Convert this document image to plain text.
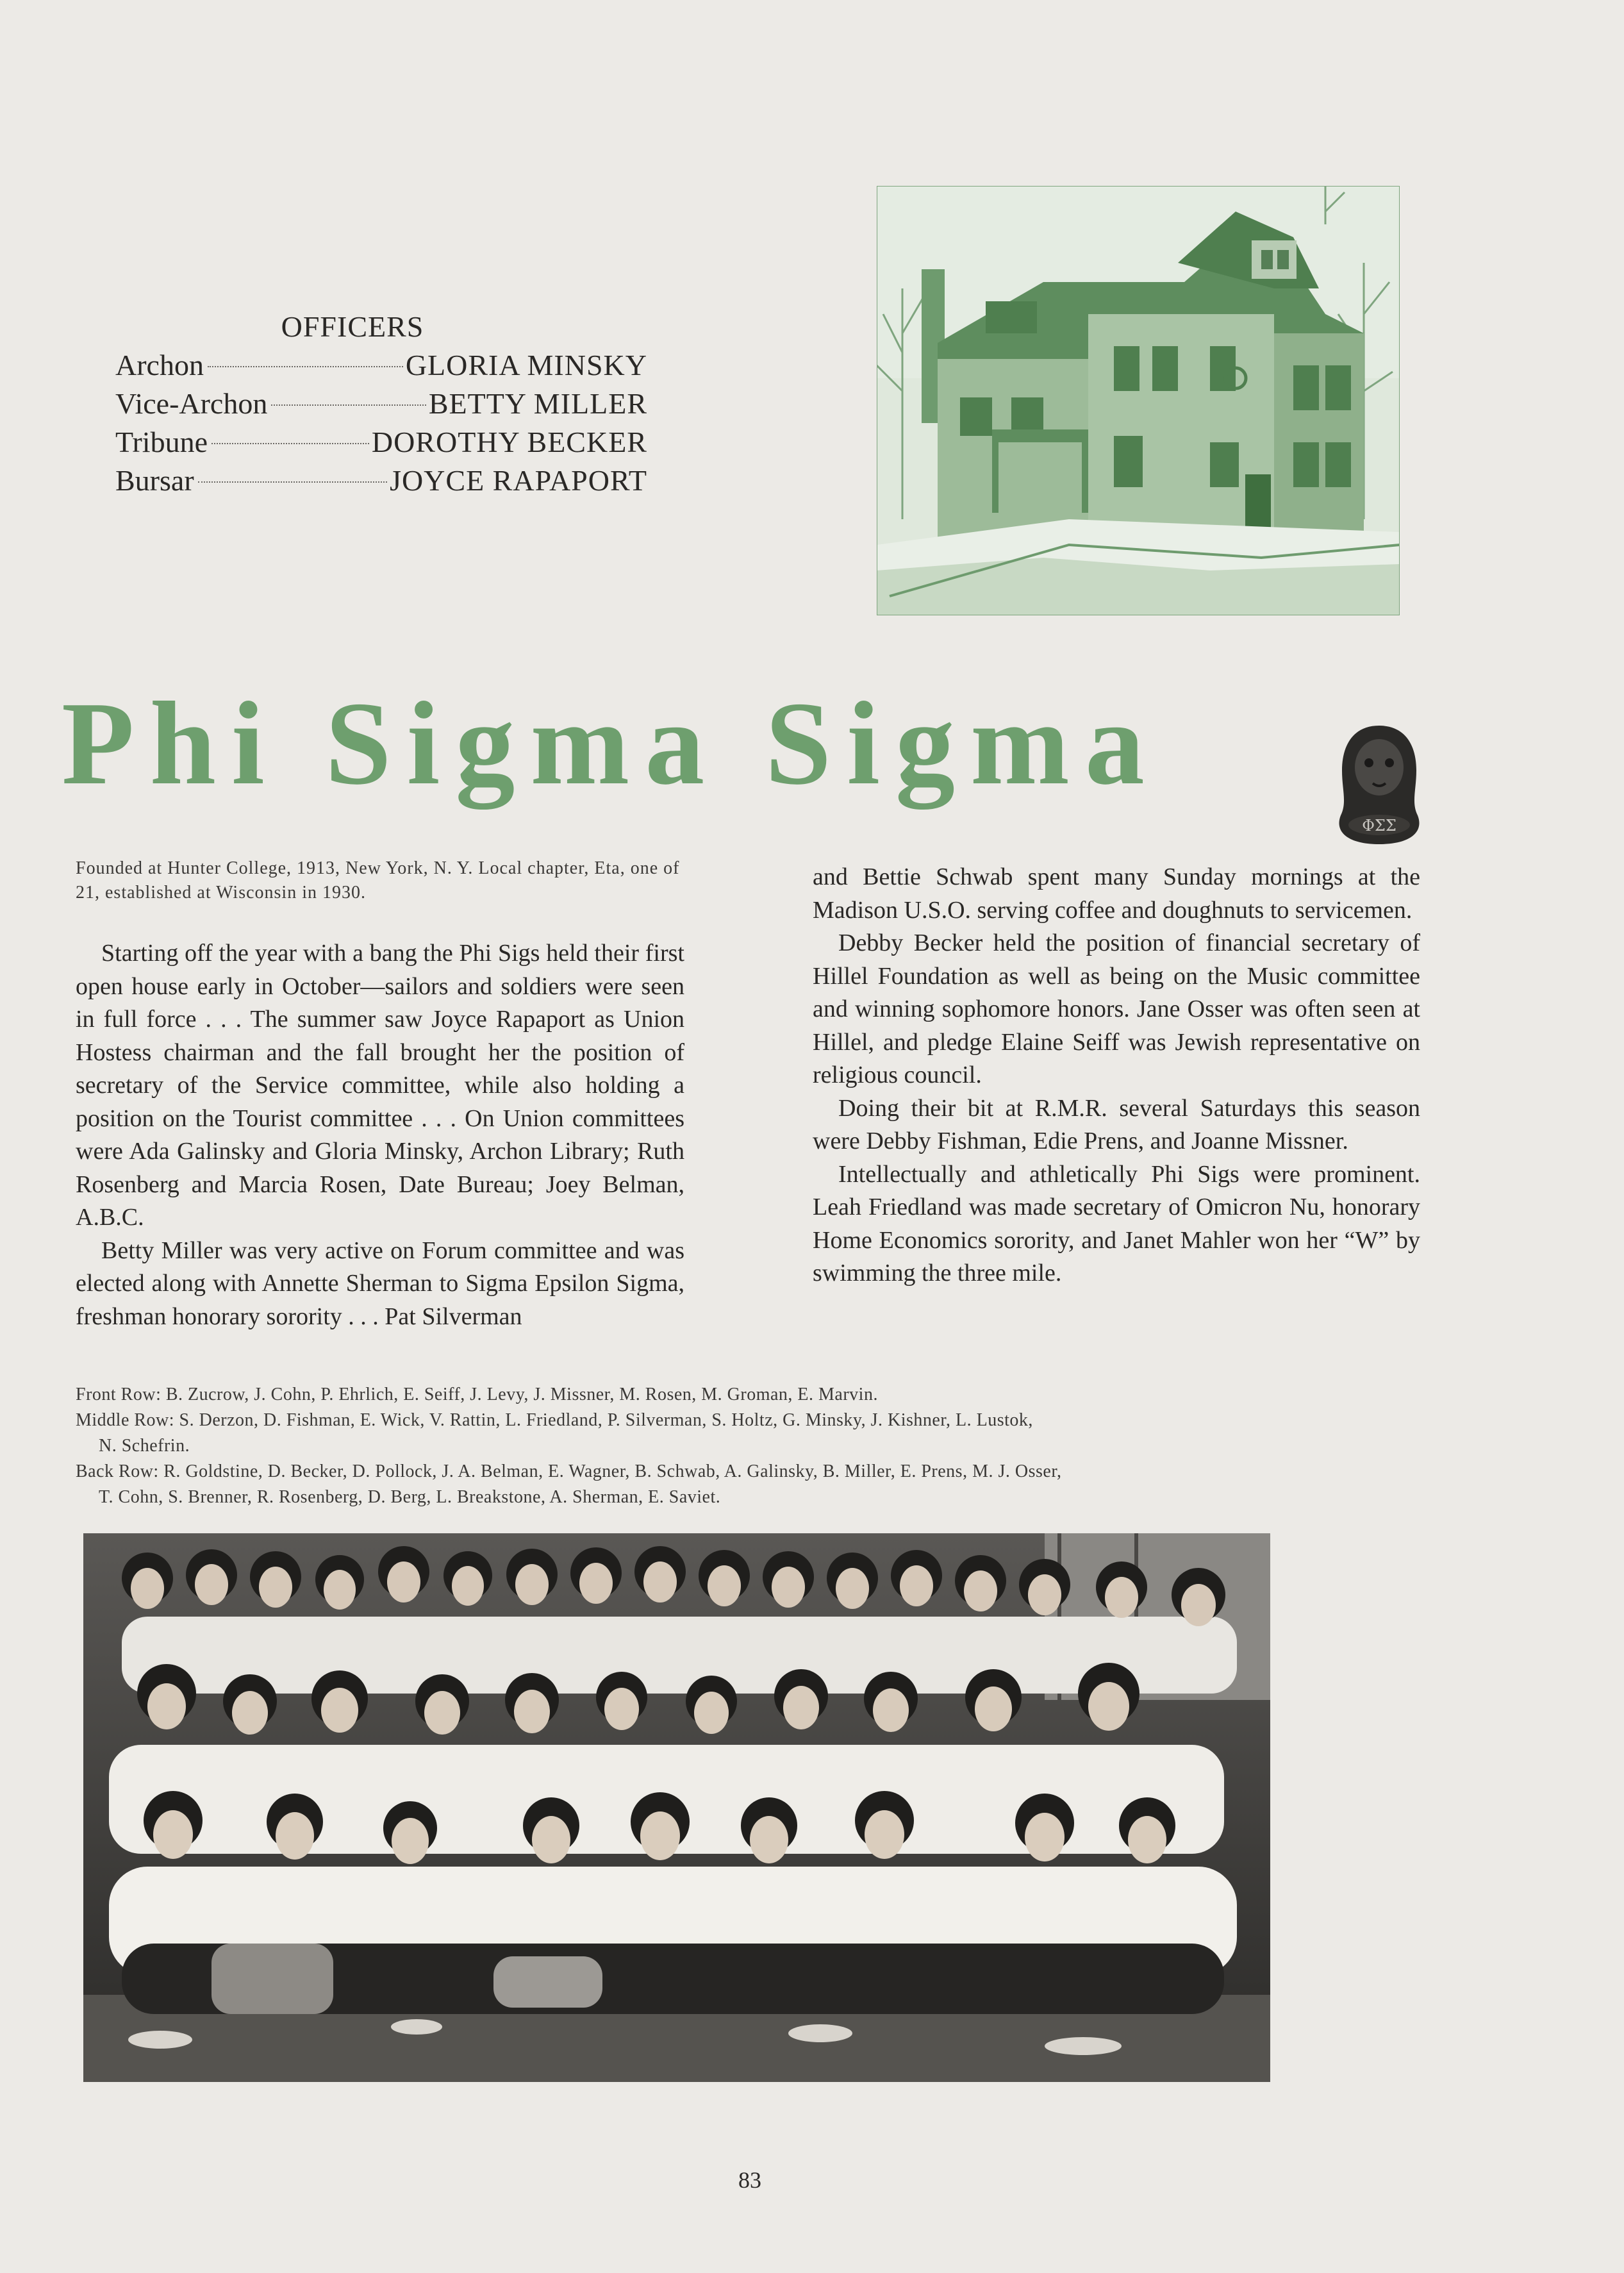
OFFICERS
Archon	GLORIA MINSKY
Vice-Archon	BETTY MILLER
Tribune	DOROTHY BECKER
Bursar	JOYCE RAPAPORT
Phi Sigma Sigma
ΦΣΣ
Founded at Hunter College, 1913, New York, N. Y. Local chapter, Eta, one of 21, established at Wisconsin in 1930.

Starting off the year with a bang the Phi Sigs held their first open house early in October—sailors and soldiers were seen in full force . . . The summer saw Joyce Rapaport as Union Hostess chairman and the fall brought her the position of secretary of the Service committee, while also holding a position on the Tourist committee . . . On Union committees were Ada Galinsky and Gloria Minsky, Archon Library; Ruth Rosenberg and Marcia Rosen, Date Bureau; Joey Belman, A.B.C.

Betty Miller was very active on Forum committee and was elected along with Annette Sherman to Sigma Epsilon Sigma, freshman honorary sorority . . . Pat Silverman

and Bettie Schwab spent many Sunday mornings at the Madison U.S.O. serving coffee and doughnuts to servicemen.

Debby Becker held the position of financial secretary of Hillel Foundation as well as being on the Music committee and winning sophomore honors. Jane Osser was often seen at Hillel, and pledge Elaine Seiff was Jewish representative on religious council.

Doing their bit at R.M.R. several Saturdays this season were Debby Fishman, Edie Prens, and Joanne Missner.

Intellectually and athletically Phi Sigs were prominent. Leah Friedland was made secretary of Omicron Nu, honorary Home Economics sorority, and Janet Mahler won her “W” by swimming the three mile.

Front Row: B. Zucrow, J. Cohn, P. Ehrlich, E. Seiff, J. Levy, J. Missner, M. Rosen, M. Groman, E. Marvin.
Middle Row: S. Derzon, D. Fishman, E. Wick, V. Rattin, L. Friedland, P. Silverman, S. Holtz, G. Minsky, J. Kishner, L. Lustok,
N. Schefrin.
Back Row: R. Goldstine, D. Becker, D. Pollock, J. A. Belman, E. Wagner, B. Schwab, A. Galinsky, B. Miller, E. Prens, M. J. Osser,
T. Cohn, S. Brenner, R. Rosenberg, D. Berg, L. Breakstone, A. Sherman, E. Saviet.
83
